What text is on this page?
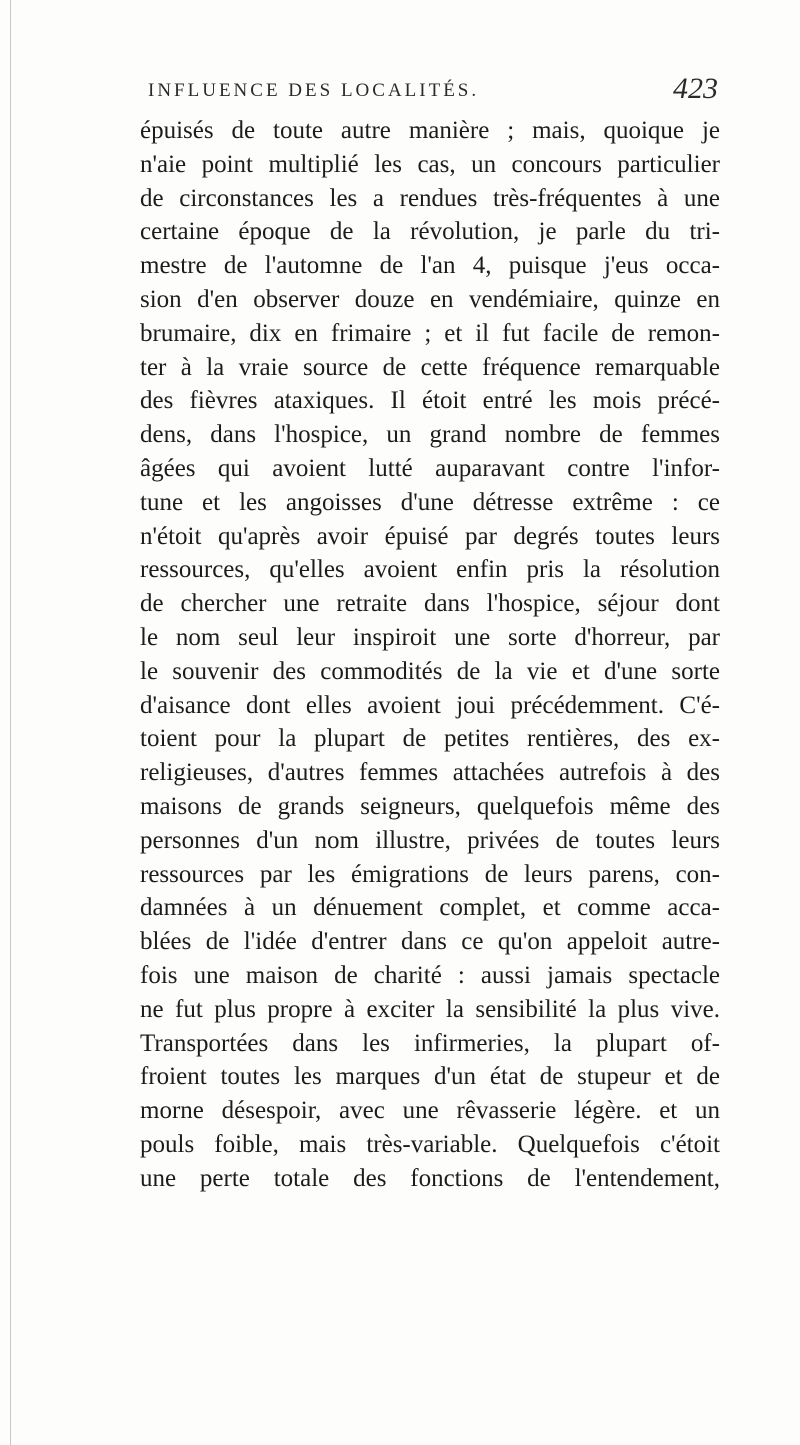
INFLUENCE DES LOCALITÉS.	423
épuisés de toute autre manière ; mais, quoique je
n'aie point multiplié les cas, un concours particulier
de circonstances les a rendues très-fréquentes à une
certaine époque de la révolution, je parle du tri-
mestre de l'automne de l'an 4, puisque j'eus occa-
sion d'en observer douze en vendémiaire, quinze en
brumaire, dix en frimaire ; et il fut facile de remon-
ter à la vraie source de cette fréquence remarquable
des fièvres ataxiques. Il étoit entré les mois précé-
dens, dans l'hospice, un grand nombre de femmes
âgées qui avoient lutté auparavant contre l'infor-
tune et les angoisses d'une détresse extrême : ce
n'étoit qu'après avoir épuisé par degrés toutes leurs
ressources, qu'elles avoient enfin pris la résolution
de chercher une retraite dans l'hospice, séjour dont
le nom seul leur inspiroit une sorte d'horreur, par
le souvenir des commodités de la vie et d'une sorte
d'aisance dont elles avoient joui précédemment. C'é-
toient pour la plupart de petites rentières, des ex-
religieuses, d'autres femmes attachées autrefois à des
maisons de grands seigneurs, quelquefois même des
personnes d'un nom illustre, privées de toutes leurs
ressources par les émigrations de leurs parens, con-
damnées à un dénuement complet, et comme acca-
blées de l'idée d'entrer dans ce qu'on appeloit autre-
fois une maison de charité : aussi jamais spectacle
ne fut plus propre à exciter la sensibilité la plus vive.
Transportées dans les infirmeries, la plupart of-
froient toutes les marques d'un état de stupeur et de
morne désespoir, avec une rêvasserie légère. et un
pouls foible, mais très-variable. Quelquefois c'étoit
une perte totale des fonctions de l'entendement,
